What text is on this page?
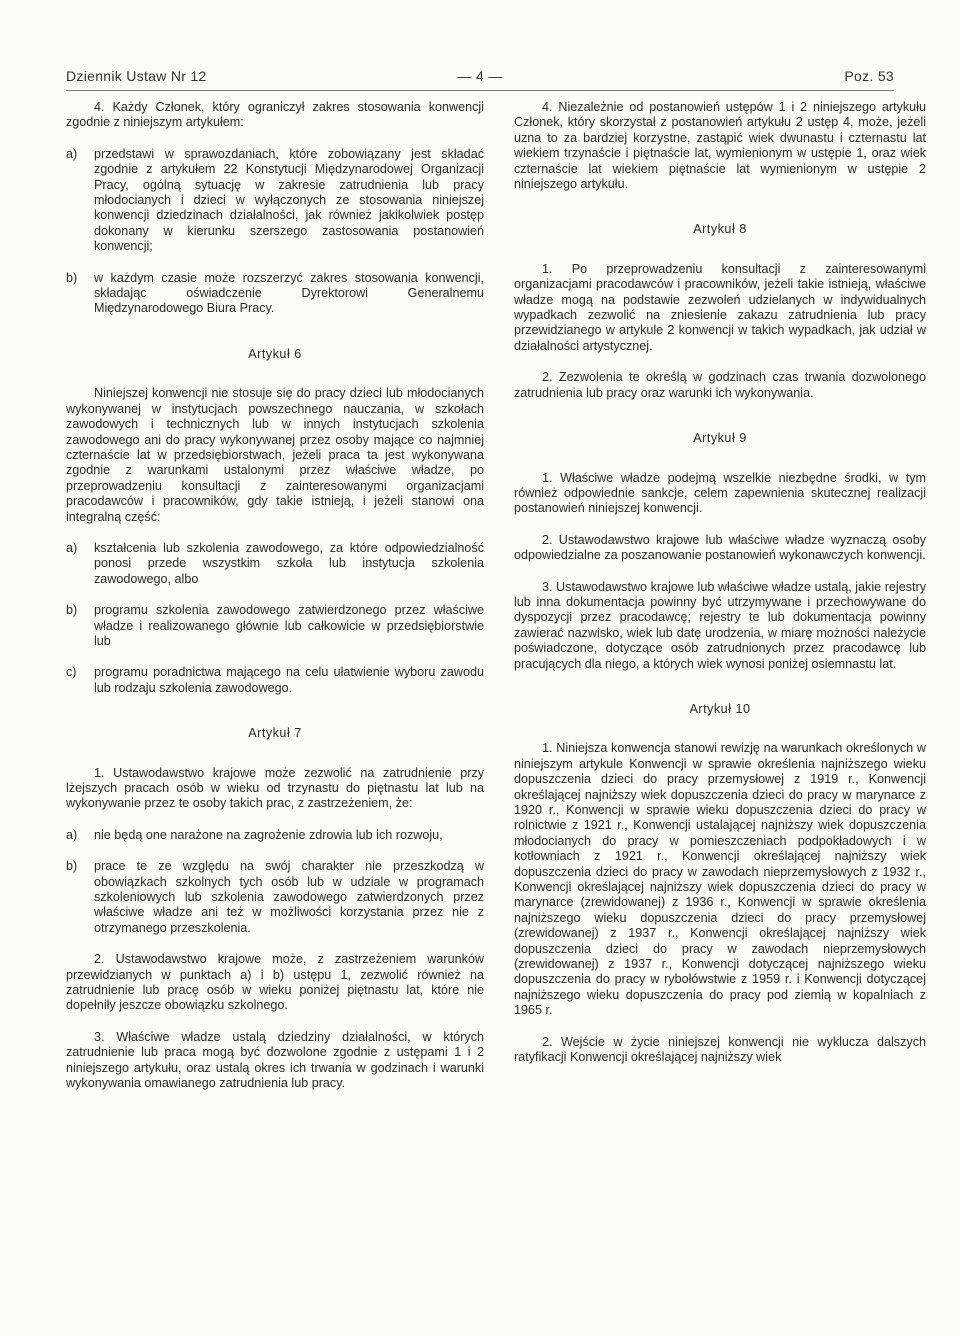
Dziennik Ustaw Nr 12	— 4 —	Poz. 53

4. Każdy Członek, który ograniczył zakres stosowania konwencji zgodnie z niniejszym artykułem:

a)	przedstawi w sprawozdaniach, które zobowiązany jest składać zgodnie z artykułem 22 Konstytucji Międzynarodowej Organizacji Pracy, ogólną sytuację w zakresie zatrudnienia lub pracy młodocianych i dzieci w wyłączonych ze stosowania niniejszej konwencji dziedzinach działalności, jak również jakikolwiek postęp dokonany w kierunku szerszego zastosowania postanowień konwencji;
b)	w każdym czasie może rozszerzyć zakres stosowania konwencji, składając oświadczenie Dyrektorowi Generalnemu Międzynarodowego Biura Pracy.
Artykuł 6

Niniejszej konwencji nie stosuje się do pracy dzieci lub młodocianych wykonywanej w instytucjach powszechnego nauczania, w szkołach zawodowych i technicznych lub w innych instytucjach szkolenia zawodowego ani do pracy wykonywanej przez osoby mające co najmniej czternaście lat w przedsiębiorstwach, jeżeli praca ta jest wykonywana zgodnie z warunkami ustalonymi przez właściwe władze, po przeprowadzeniu konsultacji z zainteresowanymi organizacjami pracodawców i pracowników, gdy takie istnieją, i jeżeli stanowi ona integralną część:

a)	kształcenia lub szkolenia zawodowego, za które odpowiedzialność ponosi przede wszystkim szkoła lub instytucja szkolenia zawodowego, albo
b)	programu szkolenia zawodowego zatwierdzonego przez właściwe władze i realizowanego głównie lub całkowicie w przedsiębiorstwie lub
c)	programu poradnictwa mającego na celu ułatwienie wyboru zawodu lub rodzaju szkolenia zawodowego.
Artykuł 7

1. Ustawodawstwo krajowe może zezwolić na zatrudnienie przy lżejszych pracach osób w wieku od trzynastu do piętnastu lat lub na wykonywanie przez te osoby takich prac, z zastrzeżeniem, że:

a)	nie będą one narażone na zagrożenie zdrowia lub ich rozwoju,
b)	prace te ze względu na swój charakter nie przeszkodzą w obowiązkach szkolnych tych osób lub w udziale w programach szkoleniowych lub szkolenia zawodowego zatwierdzonych przez właściwe władze ani też w możliwości korzystania przez nie z otrzymanego przeszkolenia.

2. Ustawodawstwo krajowe może, z zastrzeżeniem warunków przewidzianych w punktach a) i b) ustępu 1, zezwolić również na zatrudnienie lub pracę osób w wieku poniżej piętnastu lat, które nie dopełniły jeszcze obowiązku szkolnego.

3. Właściwe władze ustalą dziedziny działalności, w których zatrudnienie lub praca mogą być dozwolone zgodnie z ustępami 1 i 2 niniejszego artykułu, oraz ustalą okres ich trwania w godzinach i warunki wykonywania omawianego zatrudnienia lub pracy.

4. Niezależnie od postanowień ustępów 1 i 2 niniejszego artykułu Członek, który skorzystał z postanowień artykułu 2 ustęp 4, może, jeżeli uzna to za bardziej korzystne, zastąpić wiek dwunastu i czternastu lat wiekiem trzynaście i piętnaście lat, wymienionym w ustępie 1, oraz wiek czternaście lat wiekiem piętnaście lat wymienionym w ustępie 2 niniejszego artykułu.

Artykuł 8

1. Po przeprowadzeniu konsultacji z zainteresowanymi organizacjami pracodawców i pracowników, jeżeli takie istnieją, właściwe władze mogą na podstawie zezwoleń udzielanych w indywidualnych wypadkach zezwolić na zniesienie zakazu zatrudnienia lub pracy przewidzianego w artykule 2 konwencji w takich wypadkach, jak udział w działalności artystycznej.

2. Zezwolenia te określą w godzinach czas trwania dozwolonego zatrudnienia lub pracy oraz warunki ich wykonywania.

Artykuł 9

1. Właściwe władze podejmą wszelkie niezbędne środki, w tym również odpowiednie sankcje, celem zapewnienia skutecznej realizacji postanowień niniejszej konwencji.

2. Ustawodawstwo krajowe lub właściwe władze wyznaczą osoby odpowiedzialne za poszanowanie postanowień wykonawczych konwencji.

3. Ustawodawstwo krajowe lub właściwe władze ustalą, jakie rejestry lub inna dokumentacja powinny być utrzymywane i przechowywane do dyspozycji przez pracodawcę; rejestry te lub dokumentacja powinny zawierać nazwisko, wiek lub datę urodzenia, w miarę możności należycie poświadczone, dotyczące osób zatrudnionych przez pracodawcę lub pracujących dla niego, a których wiek wynosi poniżej osiemnastu lat.

Artykuł 10

1. Niniejsza konwencja stanowi rewizję na warunkach określonych w niniejszym artykule Konwencji w sprawie określenia najniższego wieku dopuszczenia dzieci do pracy przemysłowej z 1919 r., Konwencji określającej najniższy wiek dopuszczenia dzieci do pracy w marynarce z 1920 r., Konwencji w sprawie wieku dopuszczenia dzieci do pracy w rolnictwie z 1921 r., Konwencji ustalającej najniższy wiek dopuszczenia młodocianych do pracy w pomieszczeniach podpokładowych i w kotłowniach z 1921 r., Konwencji określającej najniższy wiek dopuszczenia dzieci do pracy w zawodach nieprzemysłowych z 1932 r., Konwencji określającej najniższy wiek dopuszczenia dzieci do pracy w marynarce (zrewidowanej) z 1936 r., Konwencji w sprawie określenia najniższego wieku dopuszczenia dzieci do pracy przemysłowej (zrewidowanej) z 1937 r., Konwencji określającej najniższy wiek dopuszczenia dzieci do pracy w zawodach nieprzemysłowych (zrewidowanej) z 1937 r., Konwencji dotyczącej najniższego wieku dopuszczenia do pracy w rybołówstwie z 1959 r. i Konwencji dotyczącej najniższego wieku dopuszczenia do pracy pod ziemią w kopalniach z 1965 r.

2. Wejście w życie niniejszej konwencji nie wyklucza dalszych ratyfikacji Konwencji określającej najniższy wiek
